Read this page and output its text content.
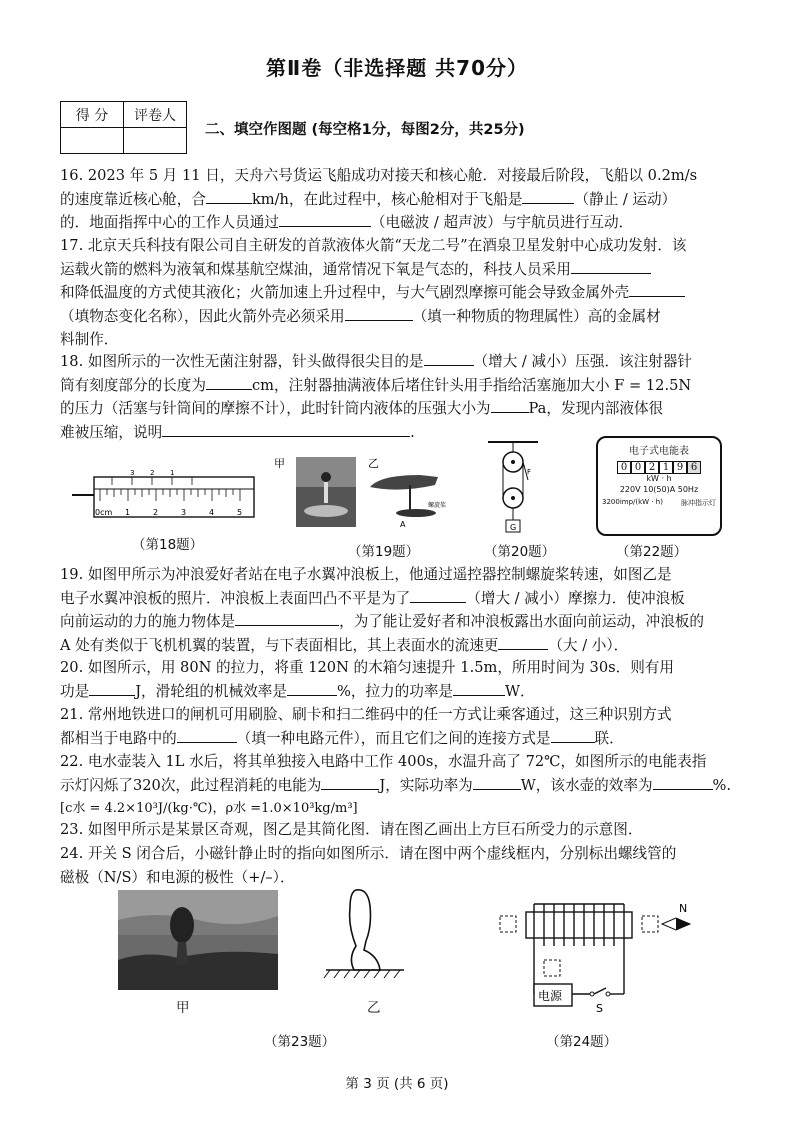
第Ⅱ卷（非选择题 共70分）
得 分	评卷人

二、填空作图题 (每空格1分，每图2分，共25分)
16. 2023 年 5 月 11 日，天舟六号货运飞船成功对接天和核心舱．对接最后阶段，飞船以 0.2m/s
的速度靠近核心舱，合	km/h，在此过程中，核心舱相对于飞船是	（静止 / 运动）
的．地面指挥中心的工作人员通过	（电磁波 / 超声波）与宇航员进行互动．
17. 北京天兵科技有限公司自主研发的首款液体火箭“天龙二号”在酒泉卫星发射中心成功发射．该
运载火箭的燃料为液氧和煤基航空煤油，通常情况下氧是气态的，科技人员采用
和降低温度的方式使其液化；火箭加速上升过程中，与大气剧烈摩擦可能会导致金属外壳
（填物态变化名称），因此火箭外壳必须采用	（填一种物质的物理属性）高的金属材
料制作．
18. 如图所示的一次性无菌注射器，针头做得很尖目的是	（增大 / 减小）压强．该注射器针
筒有刻度部分的长度为	cm，注射器抽满液体后堵住针头用手指给活塞施加大小 F = 12.5N
的压力（活塞与针筒间的摩擦不计），此时针筒内液体的压强大小为	Pa，发现内部液体很
难被压缩，说明	.
0cm 1	2	3	4	5
3 2 1
（第18题）
甲	乙
A
螺旋桨
（第19题）
F
G
（第20题）
电子式电能表
0 0 2 1 9 6
kW · h
220V 10(50)A 50Hz
3200imp/(kW · h)	脉冲指示灯
（第22题）
19. 如图甲所示为冲浪爱好者站在电子水翼冲浪板上，他通过遥控器控制螺旋桨转速，如图乙是
电子水翼冲浪板的照片．冲浪板上表面凹凸不平是为了	（增大 / 减小）摩擦力．使冲浪板
向前运动的力的施力物体是	，为了能让爱好者和冲浪板露出水面向前运动，冲浪板的
A 处有类似于飞机机翼的装置，与下表面相比，其上表面水的流速更	（大 / 小）．
20. 如图所示，用 80N 的拉力，将重 120N 的木箱匀速提升 1.5m，所用时间为 30s．则有用
功是	J，滑轮组的机械效率是	%，拉力的功率是	W．
21. 常州地铁进口的闸机可用刷脸、刷卡和扫二维码中的任一方式让乘客通过，这三种识别方式
都相当于电路中的	（填一种电路元件），而且它们之间的连接方式是	联．
22. 电水壶装入 1L 水后，将其单独接入电路中工作 400s，水温升高了 72℃，如图所示的电能表指
示灯闪烁了320次，此过程消耗的电能为	J，实际功率为	W，该水壶的效率为	%.
[c水 = 4.2×10³J/(kg·℃)，ρ水 =1.0×10³kg/m³]
23. 如图甲所示是某景区奇观，图乙是其简化图．请在图乙画出上方巨石所受力的示意图．
24. 开关 S 闭合后，小磁针静止时的指向如图所示．请在图中两个虚线框内，分别标出螺线管的
磁极（N/S）和电源的极性（+/–）．
甲	乙
（第23题）
N
电源
S
（第24题）
第 3 页 (共 6 页)
